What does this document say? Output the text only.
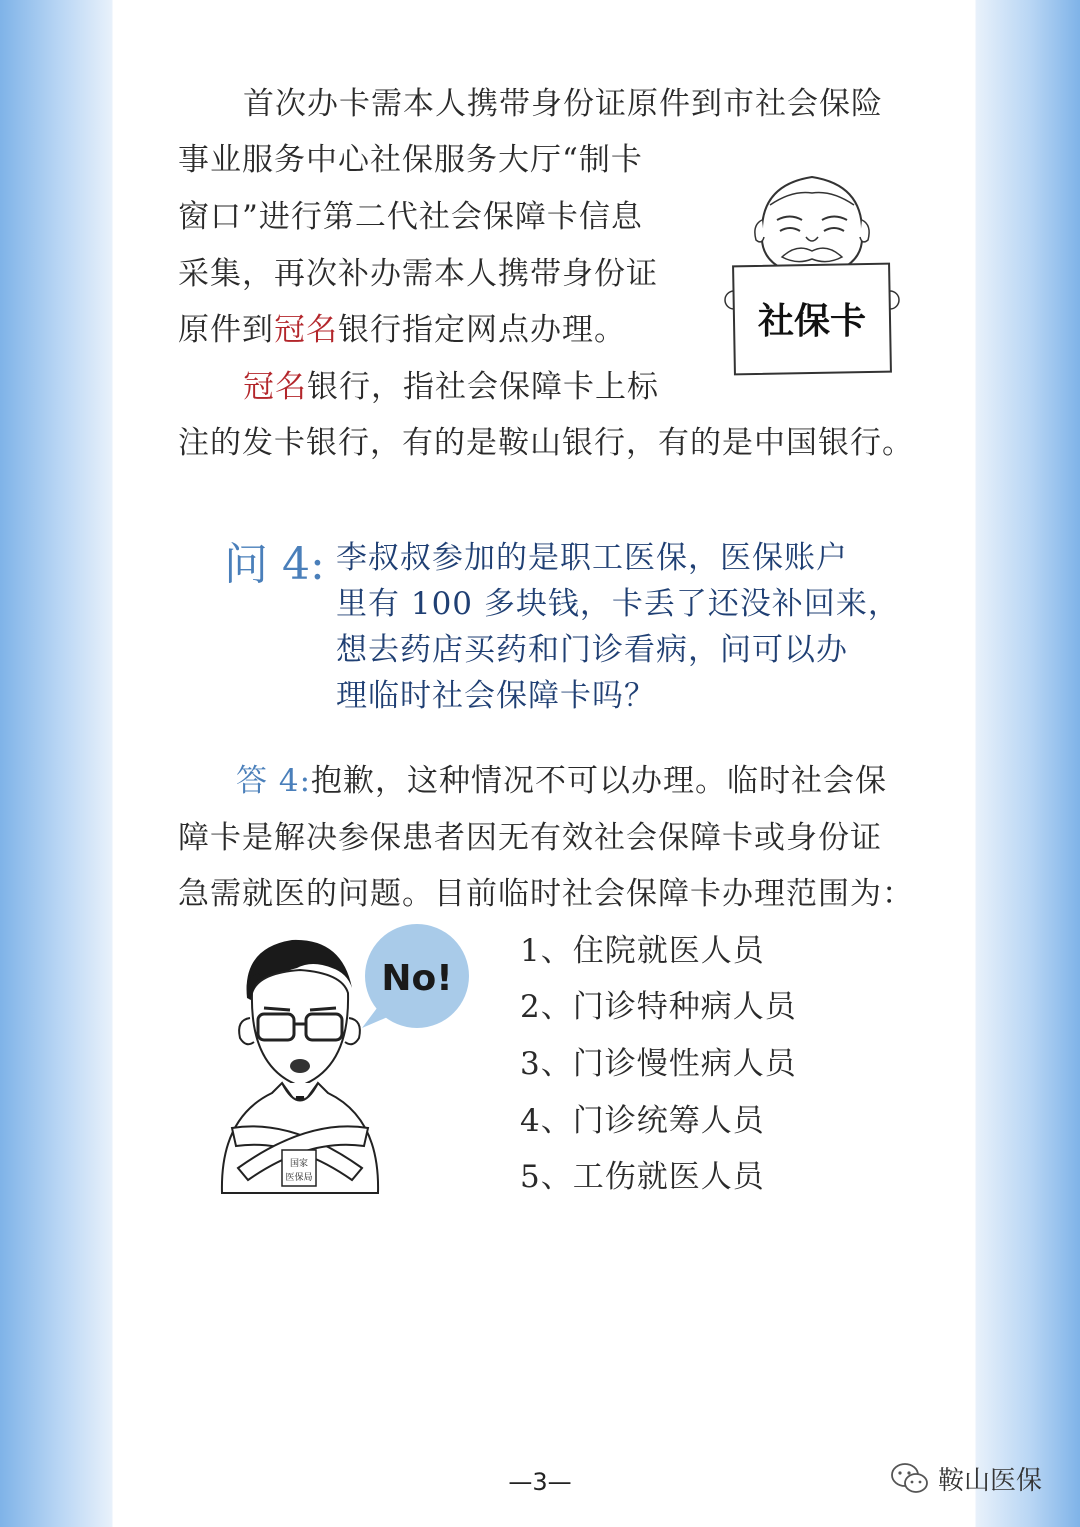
首次办卡需本人携带身份证原件到市社会保险
事业服务中心社保服务大厅“制卡
窗口”进行第二代社会保障卡信息
采集，再次补办需本人携带身份证
原件到冠名银行指定网点办理。
冠名银行，指社会保障卡上标
注的发卡银行，有的是鞍山银行，有的是中国银行。
社保卡
问 4: 李叔叔参加的是职工医保，医保账户
里有 100 多块钱，卡丢了还没补回来，
想去药店买药和门诊看病，问可以办
理临时社会保障卡吗？
答 4:抱歉，这种情况不可以办理。临时社会保
障卡是解决参保患者因无有效社会保障卡或身份证
急需就医的问题。目前临时社会保障卡办理范围为：
No!
国家
医保局
1、住院就医人员
2、门诊特种病人员
3、门诊慢性病人员
4、门诊统筹人员
5、工伤就医人员
—3—	鞍山医保
